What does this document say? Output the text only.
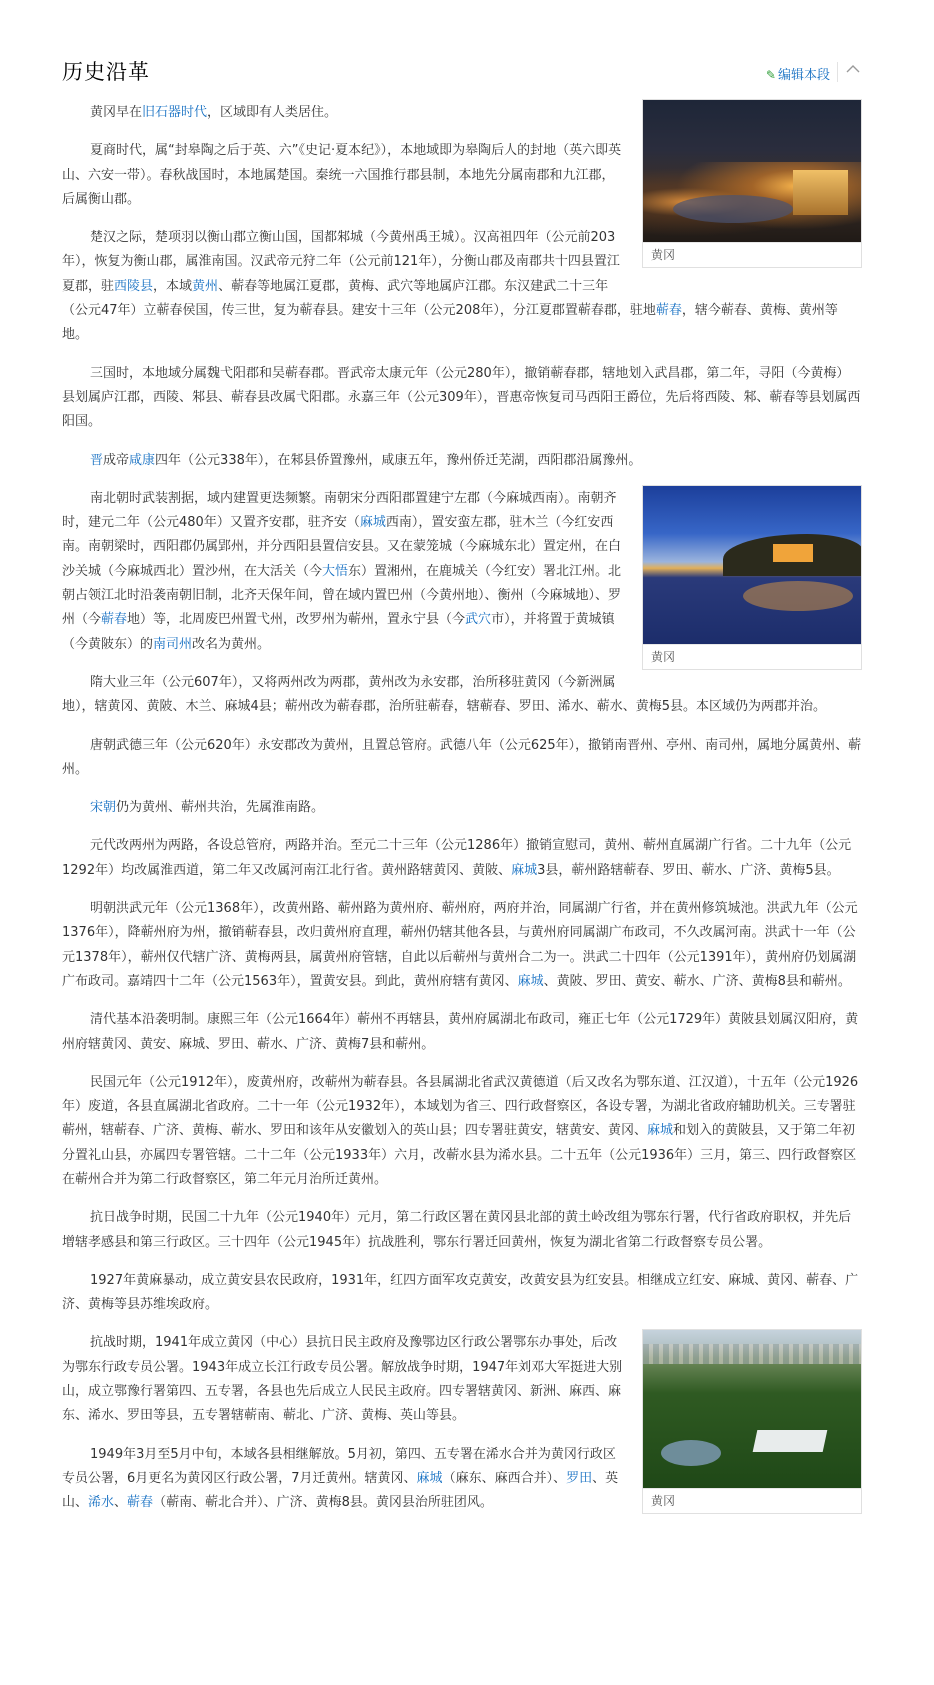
历史沿革	✎ 编辑本段
黄冈

黄冈早在旧石器时代，区域即有人类居住。

夏商时代，属“封皋陶之后于英、六”《史记·夏本纪》），本地域即为皋陶后人的封地（英六即英山、六安一带）。春秋战国时，本地属楚国。秦统一六国推行郡县制，本地先分属南郡和九江郡，后属衡山郡。

楚汉之际，楚项羽以衡山郡立衡山国，国都邾城（今黄州禹王城）。汉高祖四年（公元前203年），恢复为衡山郡，属淮南国。汉武帝元狩二年（公元前121年），分衡山郡及南郡共十四县置江夏郡，驻西陵县，本域黄州、蕲春等地属江夏郡，黄梅、武穴等地属庐江郡。东汉建武二十三年（公元47年）立蕲春侯国，传三世，复为蕲春县。建安十三年（公元208年），分江夏郡置蕲春郡，驻地蕲春，辖今蕲春、黄梅、黄州等地。

三国时，本地域分属魏弋阳郡和吴蕲春郡。晋武帝太康元年（公元280年），撤销蕲春郡，辖地划入武昌郡，第二年，寻阳（今黄梅）县划属庐江郡，西陵、邾县、蕲春县改属弋阳郡。永嘉三年（公元309年），晋惠帝恢复司马西阳王爵位，先后将西陵、邾、蕲春等县划属西阳国。

晋成帝咸康四年（公元338年），在邾县侨置豫州，咸康五年，豫州侨迁芜湖，西阳郡沿属豫州。

黄冈

南北朝时武装割据，域内建置更迭频繁。南朝宋分西阳郡置建宁左郡（今麻城西南）。南朝齐时，建元二年（公元480年）又置齐安郡，驻齐安（麻城西南），置安蛮左郡，驻木兰（今红安西南。南朝梁时，西阳郡仍属郢州，并分西阳县置信安县。又在蒙笼城（今麻城东北）置定州，在白沙关城（今麻城西北）置沙州，在大活关（今大悟东）置湘州，在鹿城关（今红安）署北江州。北朝占领江北时沿袭南朝旧制，北齐天保年间，曾在域内置巴州（今黄州地）、衡州（今麻城地）、罗州（今蕲春地）等，北周废巴州置弋州，改罗州为蕲州，置永宁县（今武穴市），并将置于黄城镇（今黄陂东）的南司州改名为黄州。

隋大业三年（公元607年），又将两州改为两郡，黄州改为永安郡，治所移驻黄冈（今新洲属地），辖黄冈、黄陂、木兰、麻城4县；蕲州改为蕲春郡，治所驻蕲春，辖蕲春、罗田、浠水、蕲水、黄梅5县。本区域仍为两郡并治。

唐朝武德三年（公元620年）永安郡改为黄州，且置总管府。武德八年（公元625年），撤销南晋州、亭州、南司州，属地分属黄州、蕲州。

宋朝仍为黄州、蕲州共治，先属淮南路。

元代改两州为两路，各设总管府，两路并治。至元二十三年（公元1286年）撤销宣慰司，黄州、蕲州直属湖广行省。二十九年（公元1292年）均改属淮西道，第二年又改属河南江北行省。黄州路辖黄冈、黄陂、麻城3县，蕲州路辖蕲春、罗田、蕲水、广济、黄梅5县。

明朝洪武元年（公元1368年），改黄州路、蕲州路为黄州府、蕲州府，两府并治，同属湖广行省，并在黄州修筑城池。洪武九年（公元1376年），降蕲州府为州，撤销蕲春县，改归黄州府直理，蕲州仍辖其他各县，与黄州府同属湖广布政司，不久改属河南。洪武十一年（公元1378年），蕲州仅代辖广济、黄梅两县，属黄州府管辖，自此以后蕲州与黄州合二为一。洪武二十四年（公元1391年），黄州府仍划属湖广布政司。嘉靖四十二年（公元1563年），置黄安县。到此，黄州府辖有黄冈、麻城、黄陂、罗田、黄安、蕲水、广济、黄梅8县和蕲州。

清代基本沿袭明制。康熙三年（公元1664年）蕲州不再辖县，黄州府属湖北布政司，雍正七年（公元1729年）黄陂县划属汉阳府，黄州府辖黄冈、黄安、麻城、罗田、蕲水、广济、黄梅7县和蕲州。

民国元年（公元1912年），废黄州府，改蕲州为蕲春县。各县属湖北省武汉黄德道（后又改名为鄂东道、江汉道），十五年（公元1926年）废道，各县直属湖北省政府。二十一年（公元1932年），本域划为省三、四行政督察区，各设专署，为湖北省政府辅助机关。三专署驻蕲州，辖蕲春、广济、黄梅、蕲水、罗田和该年从安徽划入的英山县；四专署驻黄安，辖黄安、黄冈、麻城和划入的黄陂县，又于第二年初分置礼山县，亦属四专署管辖。二十二年（公元1933年）六月，改蕲水县为浠水县。二十五年（公元1936年）三月，第三、四行政督察区在蕲州合并为第二行政督察区，第二年元月治所迁黄州。

抗日战争时期，民国二十九年（公元1940年）元月，第二行政区署在黄冈县北部的黄土岭改组为鄂东行署，代行省政府职权，并先后增辖孝感县和第三行政区。三十四年（公元1945年）抗战胜利，鄂东行署迁回黄州，恢复为湖北省第二行政督察专员公署。

1927年黄麻暴动，成立黄安县农民政府，1931年，红四方面军攻克黄安，改黄安县为红安县。相继成立红安、麻城、黄冈、蕲春、广济、黄梅等县苏维埃政府。

黄冈

抗战时期，1941年成立黄冈（中心）县抗日民主政府及豫鄂边区行政公署鄂东办事处，后改为鄂东行政专员公署。1943年成立长江行政专员公署。解放战争时期，1947年刘邓大军挺进大别山，成立鄂豫行署第四、五专署，各县也先后成立人民民主政府。四专署辖黄冈、新洲、麻西、麻东、浠水、罗田等县，五专署辖蕲南、蕲北、广济、黄梅、英山等县。

1949年3月至5月中旬，本域各县相继解放。5月初，第四、五专署在浠水合并为黄冈行政区专员公署，6月更名为黄冈区行政公署，7月迁黄州。辖黄冈、麻城（麻东、麻西合并）、罗田、英山、浠水、蕲春（蕲南、蕲北合并）、广济、黄梅8县。黄冈县治所驻团风。
